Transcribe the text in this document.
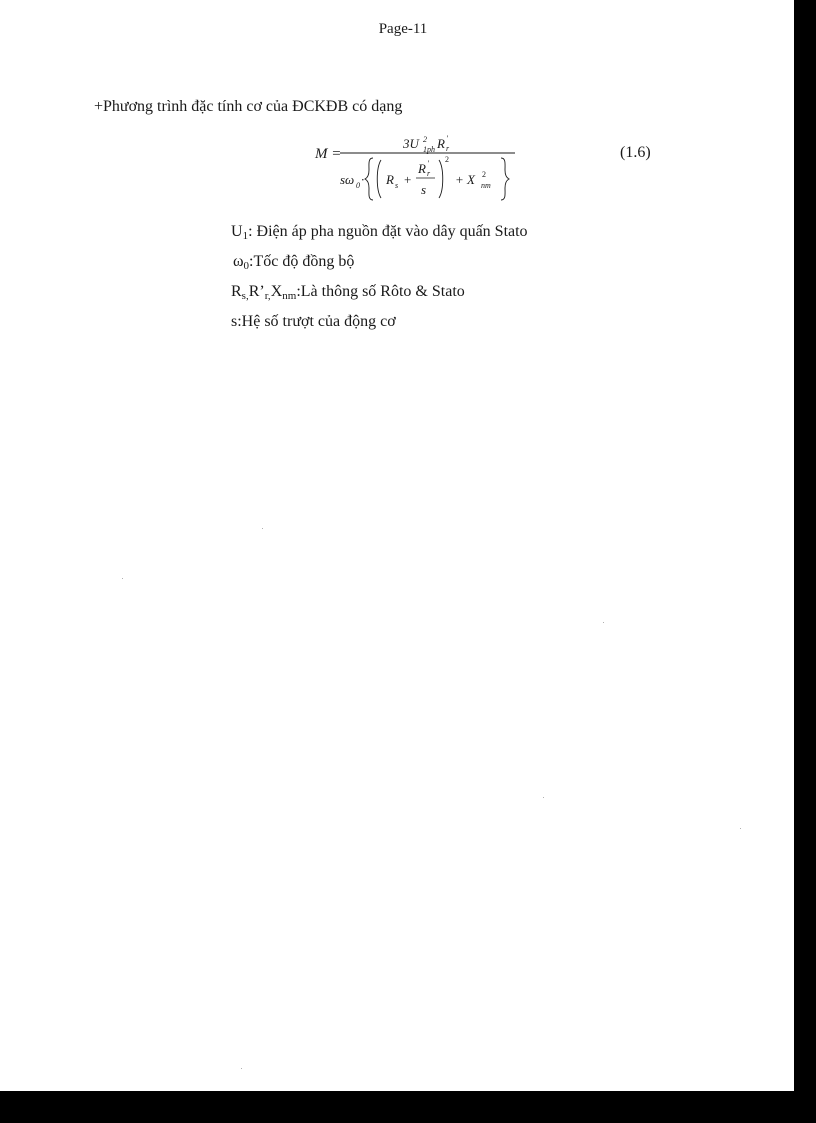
Page-11
+Phương trình đặc tính cơ của ĐCKĐB có dạng
M =
3U 2
1ph R '
r
sω 0 · R s +
R '
r
s
2
+ X 2
nm
(1.6)
$U_1$: Điện áp pha nguồn đặt vào dây quấn Stato
$\omega_0:Tốc$ độ đồng bộ
$R_{s,}R’_{r,}X_{nm}:Là$ thông số Rôto & Stato
s:Hệ số trượt của động cơ
